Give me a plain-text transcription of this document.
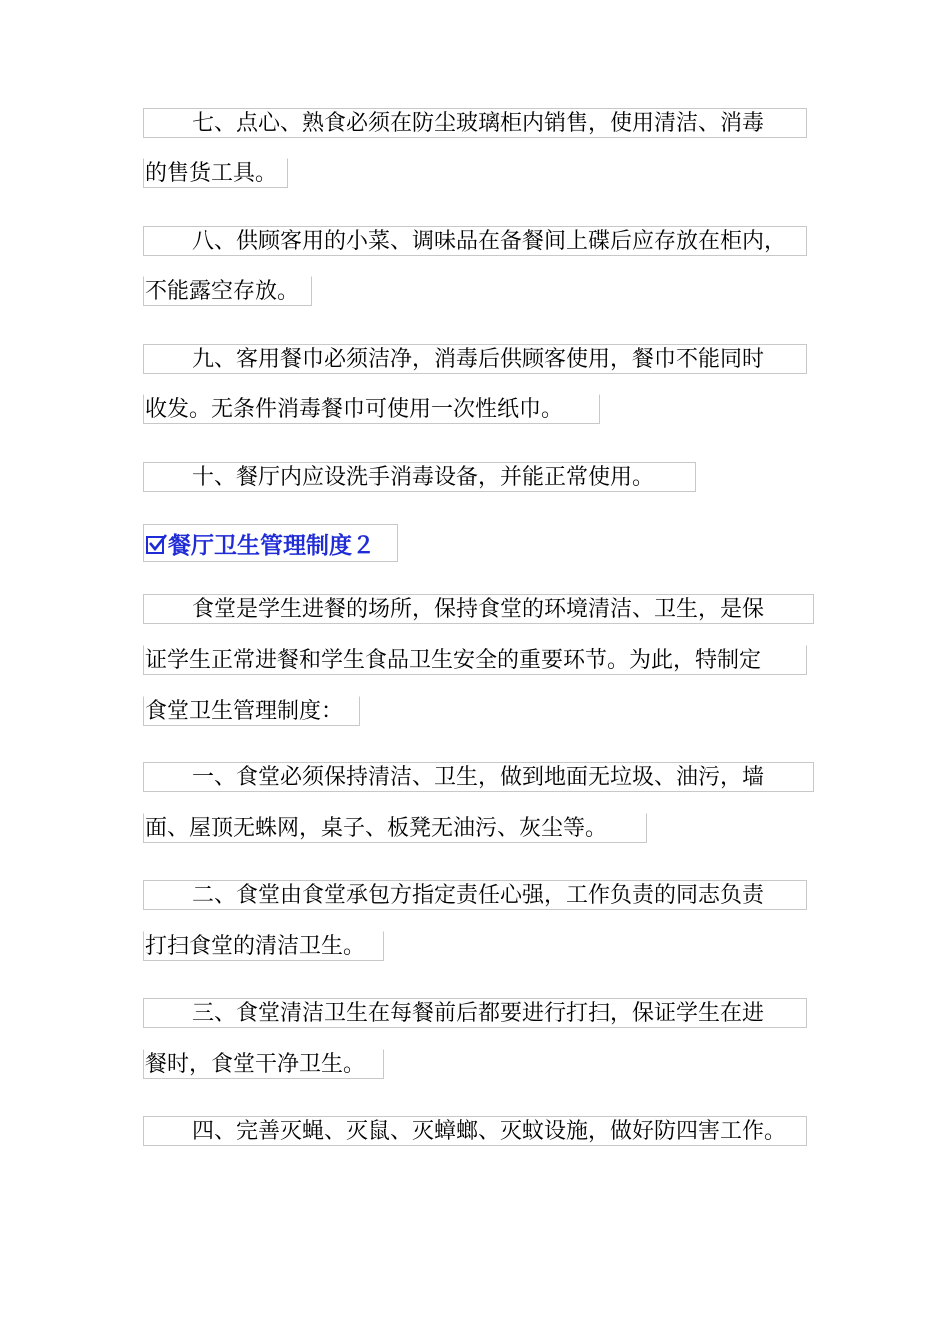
七、点心、熟食必须在防尘玻璃柜内销售，使用清洁、消毒
的售货工具。
八、供顾客用的小菜、调味品在备餐间上碟后应存放在柜内，
不能露空存放。
九、客用餐巾必须洁净，消毒后供顾客使用，餐巾不能同时
收发。无条件消毒餐巾可使用一次性纸巾。
十、餐厅内应设洗手消毒设备，并能正常使用。
餐厅卫生管理制度２
食堂是学生进餐的场所，保持食堂的环境清洁、卫生，是保
证学生正常进餐和学生食品卫生安全的重要环节。为此，特制定
食堂卫生管理制度：
一、食堂必须保持清洁、卫生，做到地面无垃圾、油污，墙
面、屋顶无蛛网，桌子、板凳无油污、灰尘等。
二、食堂由食堂承包方指定责任心强，工作负责的同志负责
打扫食堂的清洁卫生。
三、食堂清洁卫生在每餐前后都要进行打扫，保证学生在进
餐时，食堂干净卫生。
四、完善灭蝇、灭鼠、灭蟑螂、灭蚊设施，做好防四害工作。
